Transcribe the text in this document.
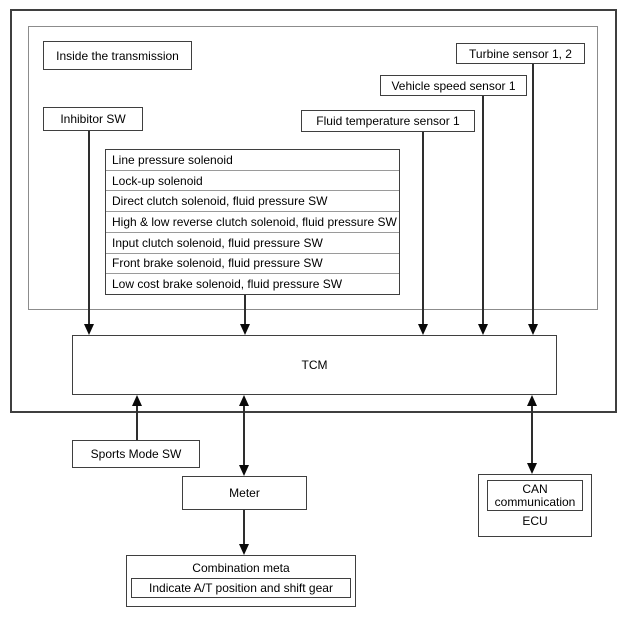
Inside the transmission	Turbine sensor 1, 2
Vehicle speed sensor 1
Fluid temperature sensor 1
Inhibitor SW
Line pressure solenoid
Lock-up solenoid
Direct clutch solenoid, fluid pressure SW
High & low reverse clutch solenoid, fluid pressure SW
Input clutch solenoid, fluid pressure SW
Front brake solenoid, fluid pressure SW
Low cost brake solenoid, fluid pressure SW
TCM
Sports Mode SW
Meter
Combination meta
Indicate A/T position and shift gear
CAN communication
ECU
